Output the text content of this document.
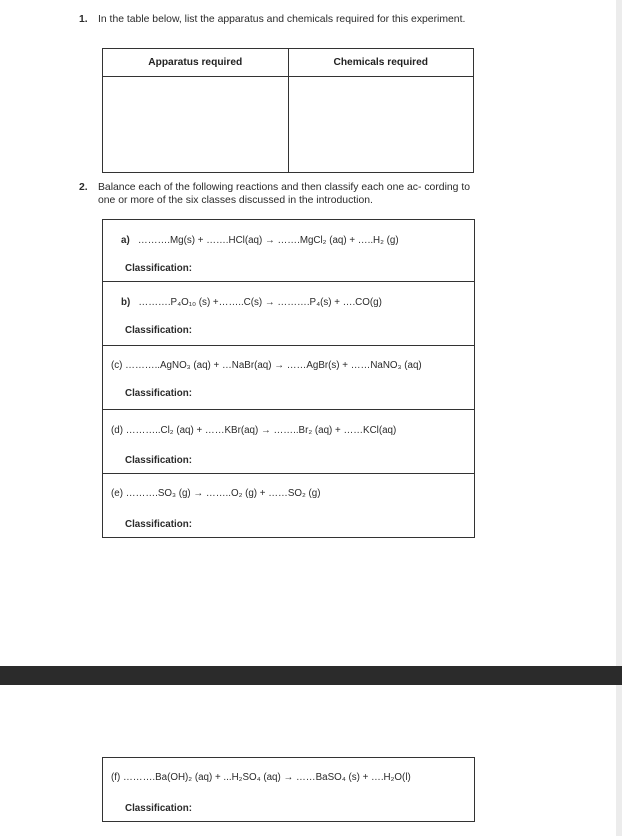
1. In the table below, list the apparatus and chemicals required for this experiment.
Apparatus required	Chemicals required

2. Balance each of the following reactions and then classify each one ac- cording to
one or more of the six classes discussed in the introduction.
a) ……….Mg(s) + …….HCl(aq) → …….MgCl₂ (aq) + …..H₂ (g)
Classification:
b) ……….P₄O₁₀ (s) +……..C(s) → ……….P₄(s) + ….CO(g)
Classification:
(c) ………..AgNO₃ (aq) + …NaBr(aq) → ……AgBr(s) + ……NaNO₃ (aq)
Classification:
(d) ………..Cl₂ (aq) + ……KBr(aq) → ……..Br₂ (aq) + ……KCl(aq)
Classification:
(e) ……….SO₃ (g) → ……..O₂ (g) + ……SO₂ (g)
Classification:
(f) ……….Ba(OH)₂ (aq) + ...H₂SO₄ (aq) → ……BaSO₄ (s) + ….H₂O(l)
Classification:
